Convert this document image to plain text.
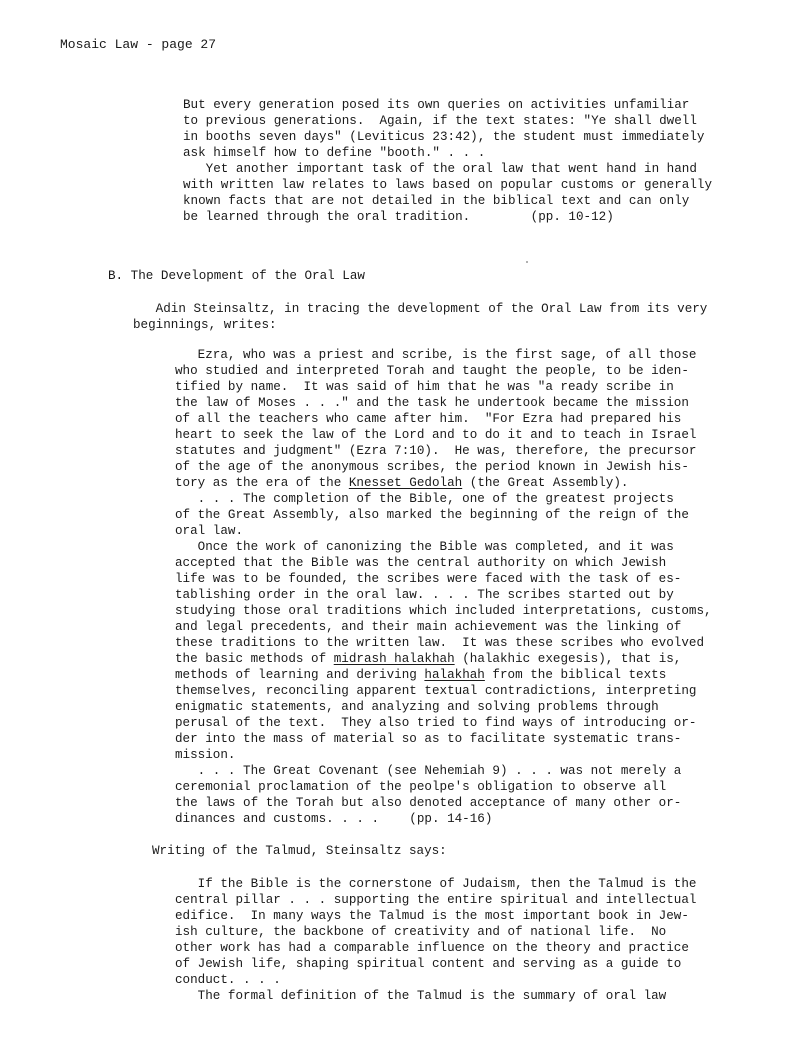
Mosaic Law - page 27
But every generation posed its own queries on activities unfamiliar
to previous generations.  Again, if the text states: "Ye shall dwell
in booths seven days" (Leviticus 23:42), the student must immediately
ask himself how to define "booth." . . .
Yet another important task of the oral law that went hand in hand
with written law relates to laws based on popular customs or generally
known facts that are not detailed in the biblical text and can only
be learned through the oral tradition.        (pp. 10-12)
B. The Development of the Oral Law
Adin Steinsaltz, in tracing the development of the Oral Law from its very
beginnings, writes:
Ezra, who was a priest and scribe, is the first sage, of all those
who studied and interpreted Torah and taught the people, to be iden-
tified by name.  It was said of him that he was "a ready scribe in
the law of Moses . . ." and the task he undertook became the mission
of all the teachers who came after him.  "For Ezra had prepared his
heart to seek the law of the Lord and to do it and to teach in Israel
statutes and judgment" (Ezra 7:10).  He was, therefore, the precursor
of the age of the anonymous scribes, the period known in Jewish his-
tory as the era of the Knesset Gedolah (the Great Assembly).
. . . The completion of the Bible, one of the greatest projects
of the Great Assembly, also marked the beginning of the reign of the
oral law.
Once the work of canonizing the Bible was completed, and it was
accepted that the Bible was the central authority on which Jewish
life was to be founded, the scribes were faced with the task of es-
tablishing order in the oral law. . . . The scribes started out by
studying those oral traditions which included interpretations, customs,
and legal precedents, and their main achievement was the linking of
these traditions to the written law.  It was these scribes who evolved
the basic methods of midrash halakhah (halakhic exegesis), that is,
methods of learning and deriving halakhah from the biblical texts
themselves, reconciling apparent textual contradictions, interpreting
enigmatic statements, and analyzing and solving problems through
perusal of the text.  They also tried to find ways of introducing or-
der into the mass of material so as to facilitate systematic trans-
mission.
. . . The Great Covenant (see Nehemiah 9) . . . was not merely a
ceremonial proclamation of the peolpe's obligation to observe all
the laws of the Torah but also denoted acceptance of many other or-
dinances and customs. . . .    (pp. 14-16)
Writing of the Talmud, Steinsaltz says:
If the Bible is the cornerstone of Judaism, then the Talmud is the
central pillar . . . supporting the entire spiritual and intellectual
edifice.  In many ways the Talmud is the most important book in Jew-
ish culture, the backbone of creativity and of national life.  No
other work has had a comparable influence on the theory and practice
of Jewish life, shaping spiritual content and serving as a guide to
conduct. . . .
The formal definition of the Talmud is the summary of oral law
